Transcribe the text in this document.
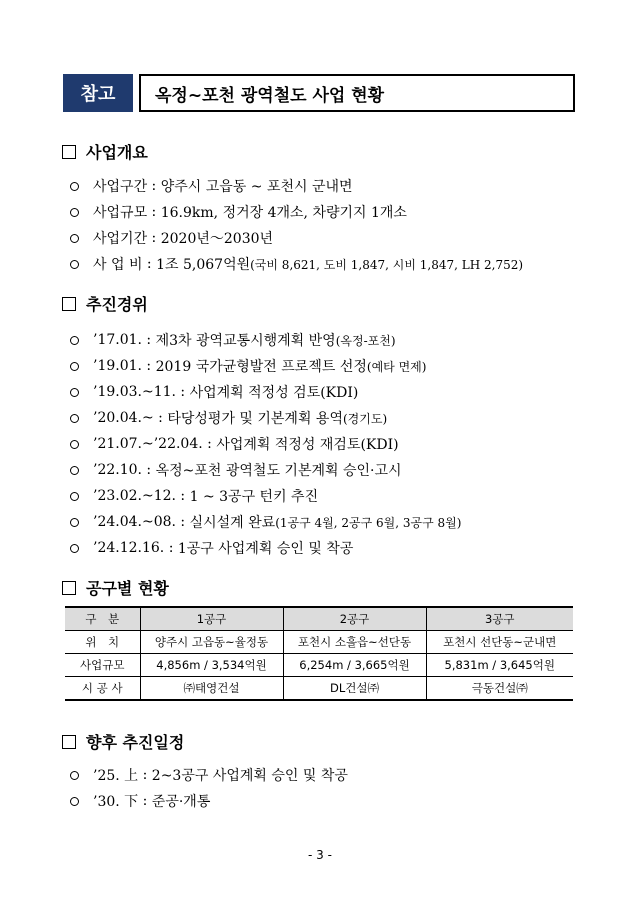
참고	옥정~포천 광역철도 사업 현황
사업개요
사업구간 : 양주시 고읍동 ~ 포천시 군내면
사업규모 : 16.9km, 정거장 4개소, 차량기지 1개소
사업기간 : 2020년～2030년
사 업 비 : 1조 5,067억원 (국비 8,621, 도비 1,847, 시비 1,847, LH 2,752)
추진경위
’17.01. : 제3차 광역교통시행계획 반영 (옥정-포천)
’19.01. : 2019 국가균형발전 프로젝트 선정 (예타 면제)
’19.03.~11. : 사업계획 적정성 검토(KDI)
’20.04.~ : 타당성평가 및 기본계획 용역 (경기도)
’21.07.~’22.04. : 사업계획 적정성 재검토(KDI)
’22.10. : 옥정~포천 광역철도 기본계획 승인·고시
’23.02.~12. : 1 ~ 3공구 턴키 추진
’24.04.~08. : 실시설계 완료 (1공구 4월, 2공구 6월, 3공구 8월)
’24.12.16. : 1공구 사업계획 승인 및 착공
공구별 현황
구　분	1공구	2공구	3공구
위　치	양주시 고읍동~율정동	포천시 소흘읍~선단동	포천시 선단동~군내면
사업규모	4,856m / 3,534억원	6,254m / 3,665억원	5,831m / 3,645억원
시 공 사	㈜태영건설	DL건설㈜	극동건설㈜
향후 추진일정
’25. 上 : 2~3공구 사업계획 승인 및 착공
’30. 下 : 준공·개통
- 3 -
